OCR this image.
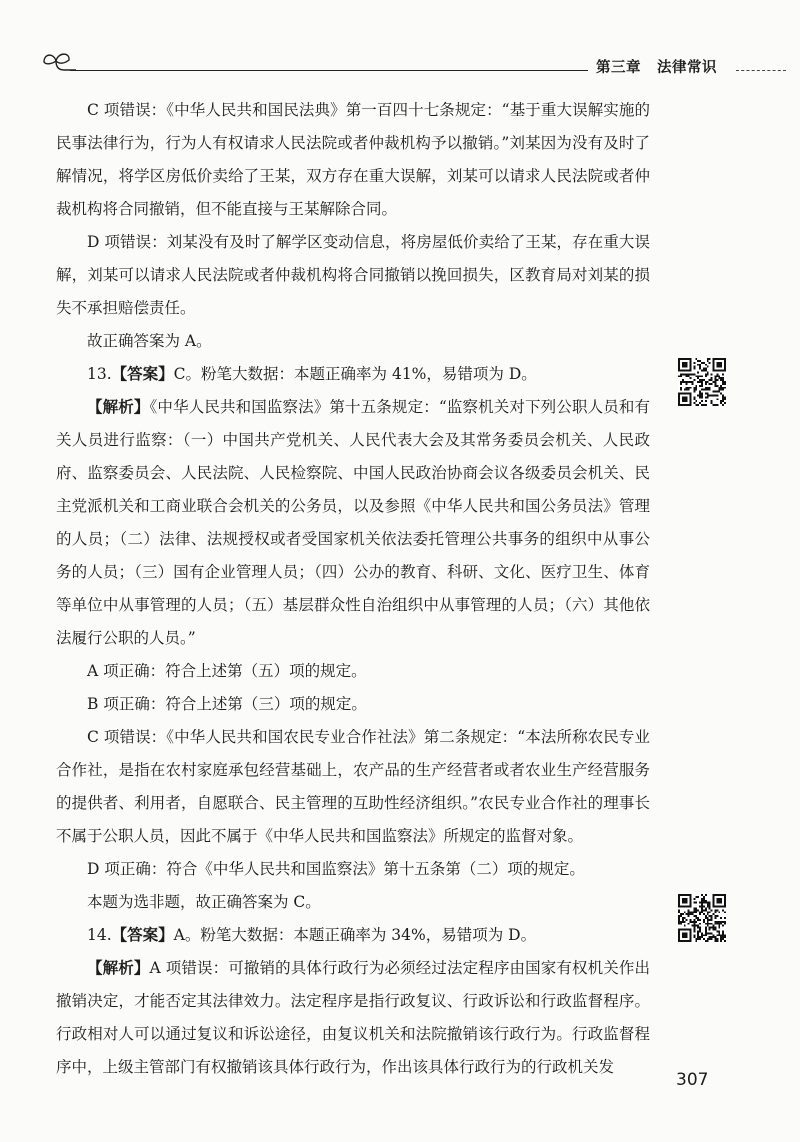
第三章 法律常识

C 项错误：《中华人民共和国民法典》第一百四十七条规定：“基于重大误解实施的民事法律行为，行为人有权请求人民法院或者仲裁机构予以撤销。”刘某因为没有及时了解情况，将学区房低价卖给了王某，双方存在重大误解，刘某可以请求人民法院或者仲裁机构将合同撤销，但不能直接与王某解除合同。

D 项错误：刘某没有及时了解学区变动信息，将房屋低价卖给了王某，存在重大误解，刘某可以请求人民法院或者仲裁机构将合同撤销以挽回损失，区教育局对刘某的损失不承担赔偿责任。

故正确答案为 A。

13.【答案】C。粉笔大数据：本题正确率为 41%，易错项为 D。

【解析】《中华人民共和国监察法》第十五条规定：“监察机关对下列公职人员和有关人员进行监察：（一）中国共产党机关、人民代表大会及其常务委员会机关、人民政府、监察委员会、人民法院、人民检察院、中国人民政治协商会议各级委员会机关、民主党派机关和工商业联合会机关的公务员，以及参照《中华人民共和国公务员法》管理的人员；（二）法律、法规授权或者受国家机关依法委托管理公共事务的组织中从事公务的人员；（三）国有企业管理人员；（四）公办的教育、科研、文化、医疗卫生、体育等单位中从事管理的人员；（五）基层群众性自治组织中从事管理的人员；（六）其他依法履行公职的人员。”

A 项正确：符合上述第（五）项的规定。

B 项正确：符合上述第（三）项的规定。

C 项错误：《中华人民共和国农民专业合作社法》第二条规定：“本法所称农民专业合作社，是指在农村家庭承包经营基础上，农产品的生产经营者或者农业生产经营服务的提供者、利用者，自愿联合、民主管理的互助性经济组织。”农民专业合作社的理事长不属于公职人员，因此不属于《中华人民共和国监察法》所规定的监督对象。

D 项正确：符合《中华人民共和国监察法》第十五条第（二）项的规定。

本题为选非题，故正确答案为 C。

14.【答案】A。粉笔大数据：本题正确率为 34%，易错项为 D。

【解析】A 项错误：可撤销的具体行政行为必须经过法定程序由国家有权机关作出撤销决定，才能否定其法律效力。法定程序是指行政复议、行政诉讼和行政监督程序。行政相对人可以通过复议和诉讼途径，由复议机关和法院撤销该行政行为。行政监督程序中，上级主管部门有权撤销该具体行政行为，作出该具体行政行为的行政机关发

307
